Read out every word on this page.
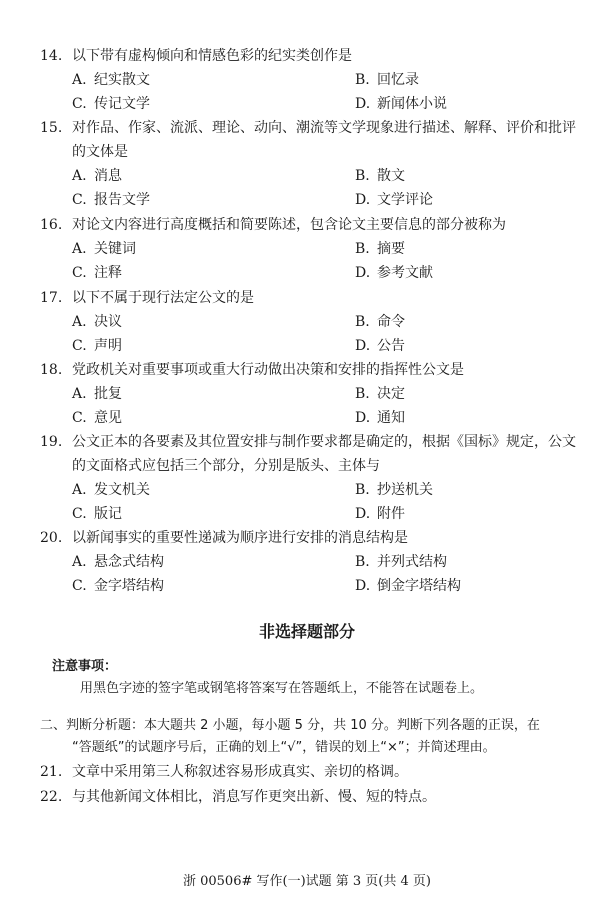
14. 以下带有虚构倾向和情感色彩的纪实类创作是
A. 纪实散文	B. 回忆录
C. 传记文学	D. 新闻体小说
15. 对作品、作家、流派、理论、动向、潮流等文学现象进行描述、解释、评价和批评的文体是
A. 消息	B. 散文
C. 报告文学	D. 文学评论
16. 对论文内容进行高度概括和简要陈述，包含论文主要信息的部分被称为
A. 关键词	B. 摘要
C. 注释	D. 参考文献
17. 以下不属于现行法定公文的是
A. 决议	B. 命令
C. 声明	D. 公告
18. 党政机关对重要事项或重大行动做出决策和安排的指挥性公文是
A. 批复	B. 决定
C. 意见	D. 通知
19. 公文正本的各要素及其位置安排与制作要求都是确定的，根据《国标》规定，公文的文面格式应包括三个部分，分别是版头、主体与
A. 发文机关	B. 抄送机关
C. 版记	D. 附件
20. 以新闻事实的重要性递减为顺序进行安排的消息结构是
A. 悬念式结构	B. 并列式结构
C. 金字塔结构	D. 倒金字塔结构
非选择题部分
注意事项：
用黑色字迹的签字笔或钢笔将答案写在答题纸上，不能答在试题卷上。
二、判断分析题：本大题共 2 小题，每小题 5 分，共 10 分。判断下列各题的正误，在
“答题纸”的试题序号后，正确的划上“√”，错误的划上“×”；并简述理由。
21. 文章中采用第三人称叙述容易形成真实、亲切的格调。
22. 与其他新闻文体相比，消息写作更突出新、慢、短的特点。
浙 00506# 写作(一)试题 第 3 页(共 4 页)
